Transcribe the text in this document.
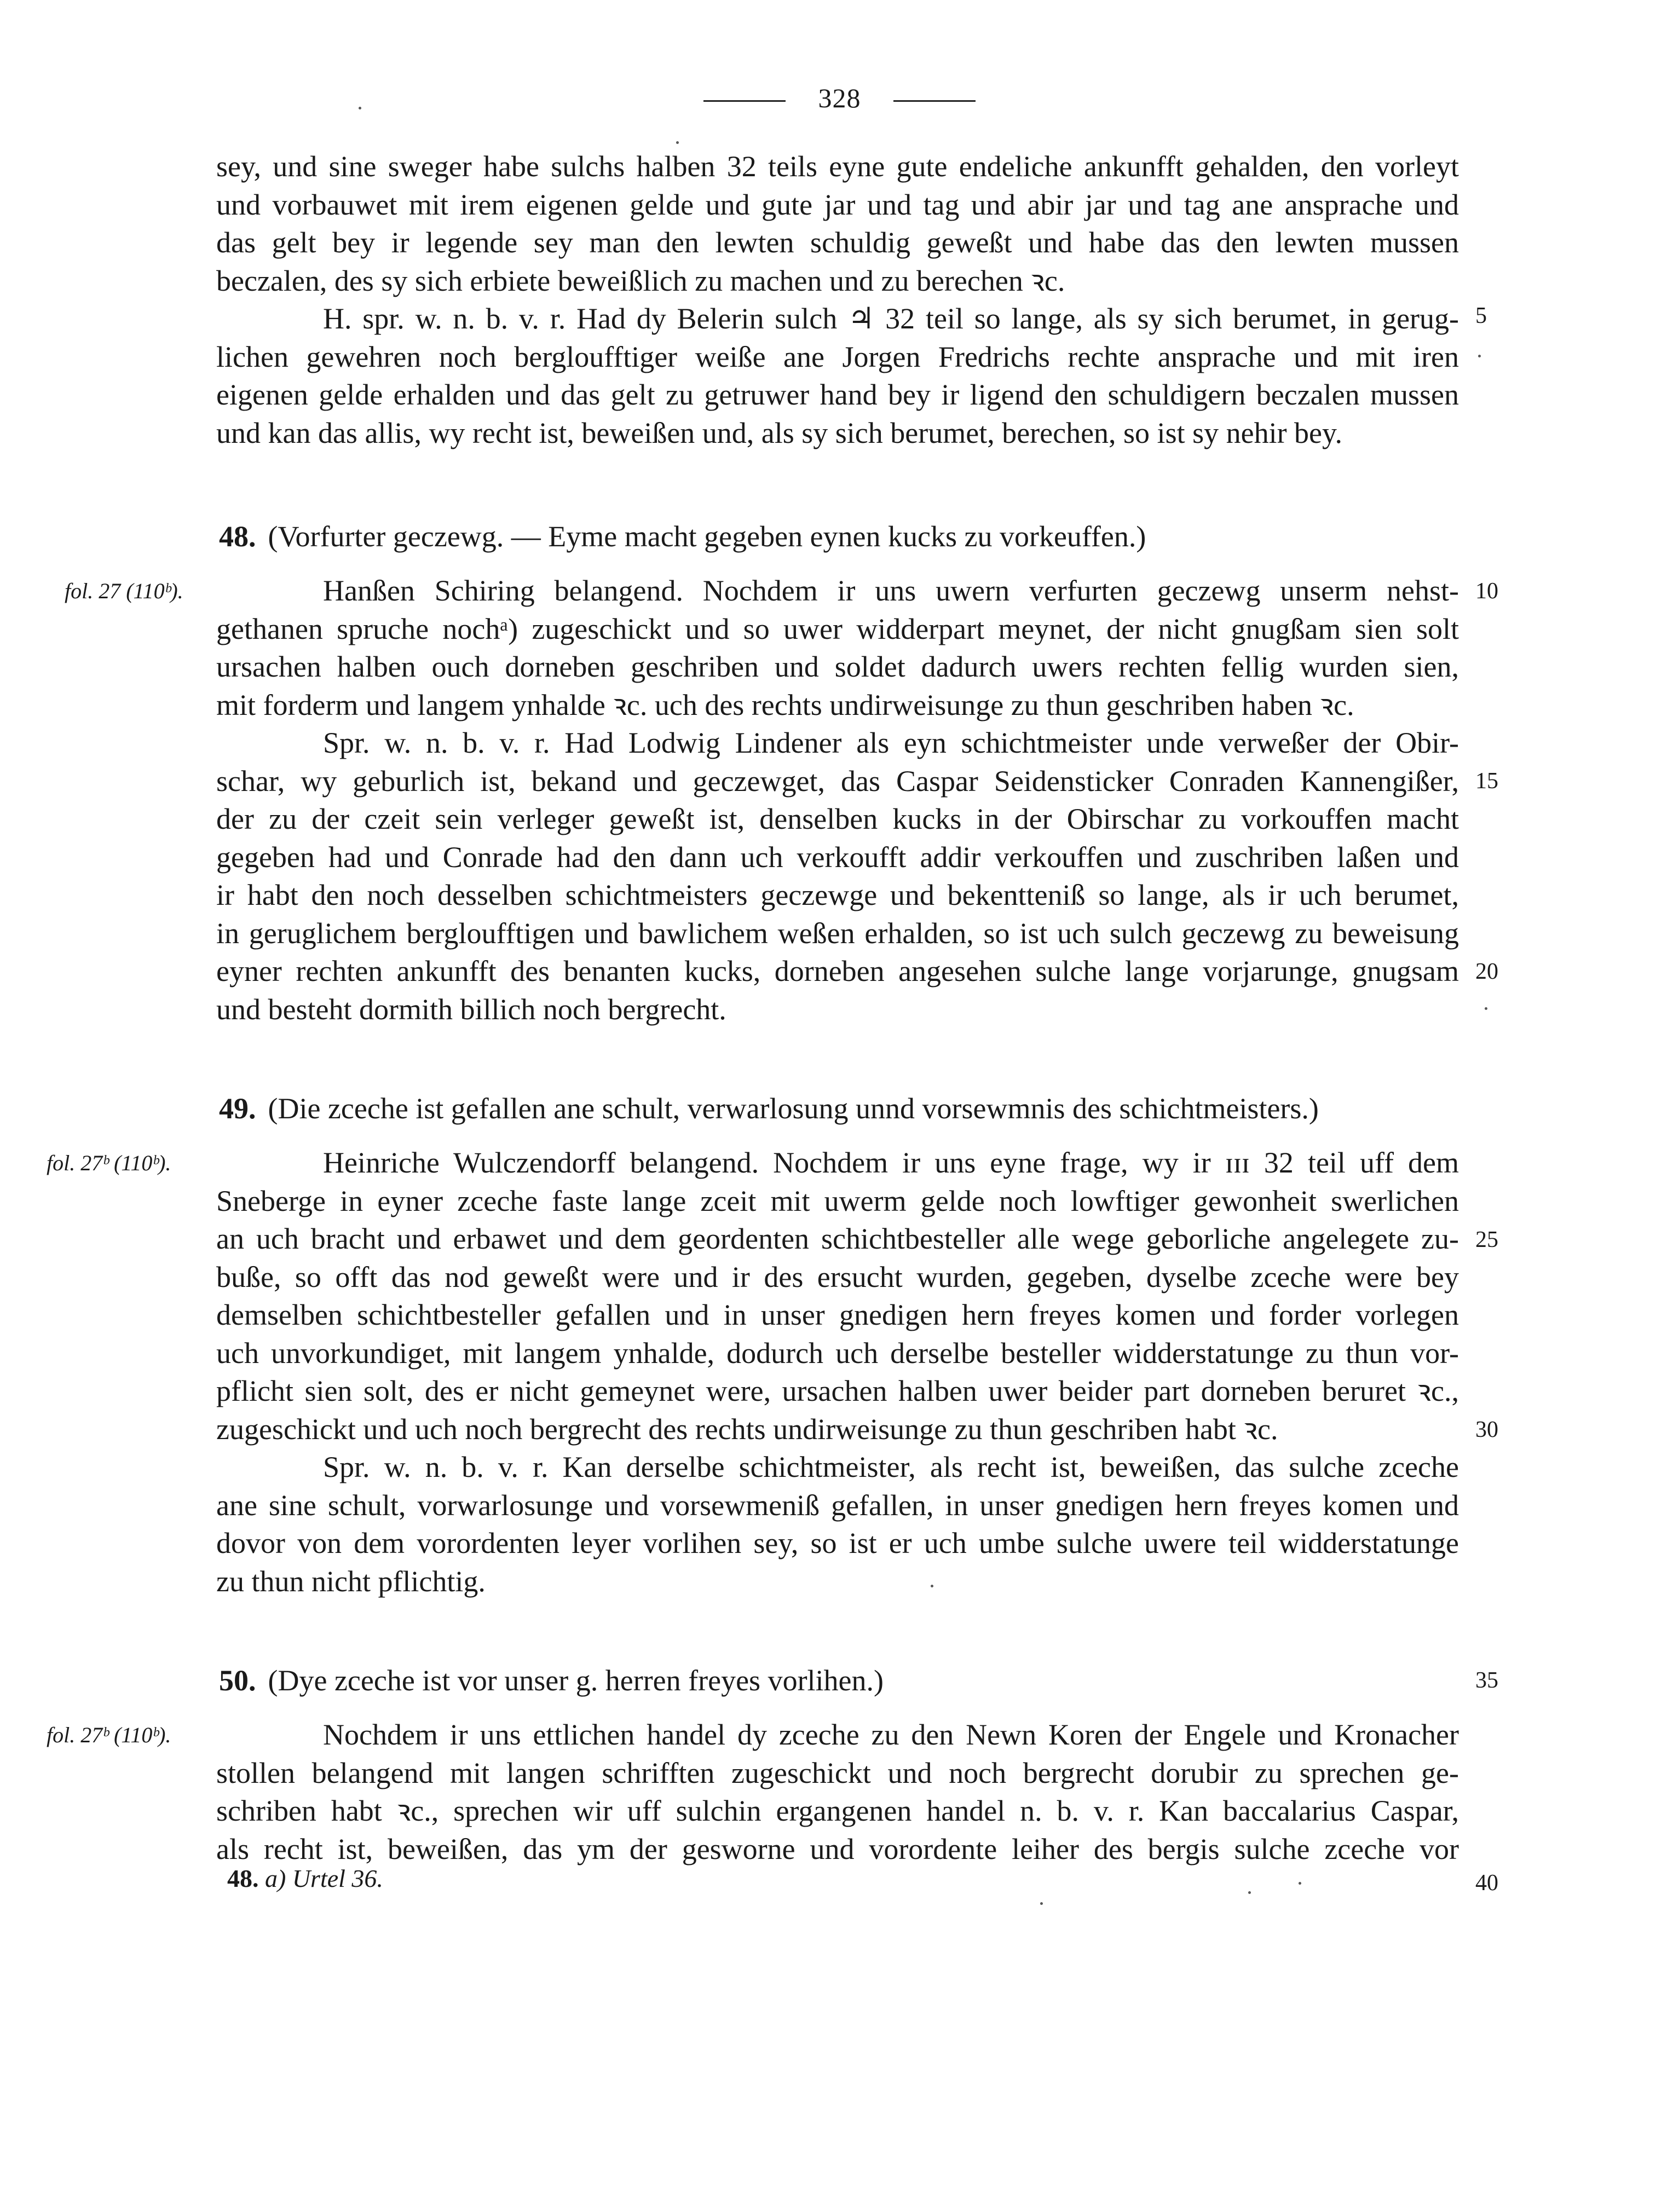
328
sey, und sine sweger habe sulchs halben 32 teils eyne gute endeliche ankunfft gehalden, den vorleyt
und vorbauwet mit irem eigenen gelde und gute jar und tag und abir jar und tag ane ansprache und
das gelt bey ir legende sey man den lewten schuldig geweßt und habe das den lewten mussen
beczalen, des sy sich erbiete beweißlich zu machen und zu berechen ꝛc.
H. spr. w. n. b. v. r. Had dy Belerin sulch ♃ 32 teil so lange, als sy sich berumet, in gerug-
lichen gewehren noch bergloufftiger weiße ane Jorgen Fredrichs rechte ansprache und mit iren
eigenen gelde erhalden und das gelt zu getruwer hand bey ir ligend den schuldigern beczalen mussen
und kan das allis, wy recht ist, beweißen und, als sy sich berumet, berechen, so ist sy nehir bey.
48. (Vorfurter geczewg. — Eyme macht gegeben eynen kucks zu vorkeuffen.)
fol. 27 (110ᵇ).	Hanßen Schiring belangend. Nochdem ir uns uwern verfurten geczewg unserm nehst-
gethanen spruche nochᵃ) zugeschickt und so uwer widderpart meynet, der nicht gnugßam sien solt
ursachen halben ouch dorneben geschriben und soldet dadurch uwers rechten fellig wurden sien,
mit forderm und langem ynhalde ꝛc. uch des rechts undirweisunge zu thun geschriben haben ꝛc.
Spr. w. n. b. v. r. Had Lodwig Lindener als eyn schichtmeister unde verweßer der Obir-
schar, wy geburlich ist, bekand und geczewget, das Caspar Seidensticker Conraden Kannengißer,
der zu der czeit sein verleger geweßt ist, denselben kucks in der Obirschar zu vorkouffen macht
gegeben had und Conrade had den dann uch verkoufft addir verkouffen und zuschriben laßen und
ir habt den noch desselben schichtmeisters geczewge und bekentteniß so lange, als ir uch berumet,
in geruglichem bergloufftigen und bawlichem weßen erhalden, so ist uch sulch geczewg zu beweisung
eyner rechten ankunfft des benanten kucks, dorneben angesehen sulche lange vorjarunge, gnugsam
und besteht dormith billich noch bergrecht.
49. (Die zceche ist gefallen ane schult, verwarlosung unnd vorsewmnis des schichtmeisters.)
fol. 27ᵇ (110ᵇ).	Heinriche Wulczendorff belangend. Nochdem ir uns eyne frage, wy ir ɪɪɪ 32 teil uff dem
Sneberge in eyner zceche faste lange zceit mit uwerm gelde noch lowftiger gewonheit swerlichen
an uch bracht und erbawet und dem geordenten schichtbesteller alle wege geborliche angelegete zu-
buße, so offt das nod geweßt were und ir des ersucht wurden, gegeben, dyselbe zceche were bey
demselben schichtbesteller gefallen und in unser gnedigen hern freyes komen und forder vorlegen
uch unvorkundiget, mit langem ynhalde, dodurch uch derselbe besteller widderstatunge zu thun vor-
pflicht sien solt, des er nicht gemeynet were, ursachen halben uwer beider part dorneben beruret ꝛc.,
zugeschickt und uch noch bergrecht des rechts undirweisunge zu thun geschriben habt ꝛc.
Spr. w. n. b. v. r. Kan derselbe schichtmeister, als recht ist, beweißen, das sulche zceche
ane sine schult, vorwarlosunge und vorsewmeniß gefallen, in unser gnedigen hern freyes komen und
dovor von dem vorordenten leyer vorlihen sey, so ist er uch umbe sulche uwere teil widderstatunge
zu thun nicht pflichtig.
50. (Dye zceche ist vor unser g. herren freyes vorlihen.)
fol. 27ᵇ (110ᵇ).	Nochdem ir uns ettlichen handel dy zceche zu den Newn Koren der Engele und Kronacher
stollen belangend mit langen schrifften zugeschickt und noch bergrecht dorubir zu sprechen ge-
schriben habt ꝛc., sprechen wir uff sulchin ergangenen handel n. b. v. r. Kan baccalarius Caspar,
als recht ist, beweißen, das ym der gesworne und vorordente leiher des bergis sulche zceche vor
5
10
15
20
25
30
35
40
48. a) Urtel 36.
